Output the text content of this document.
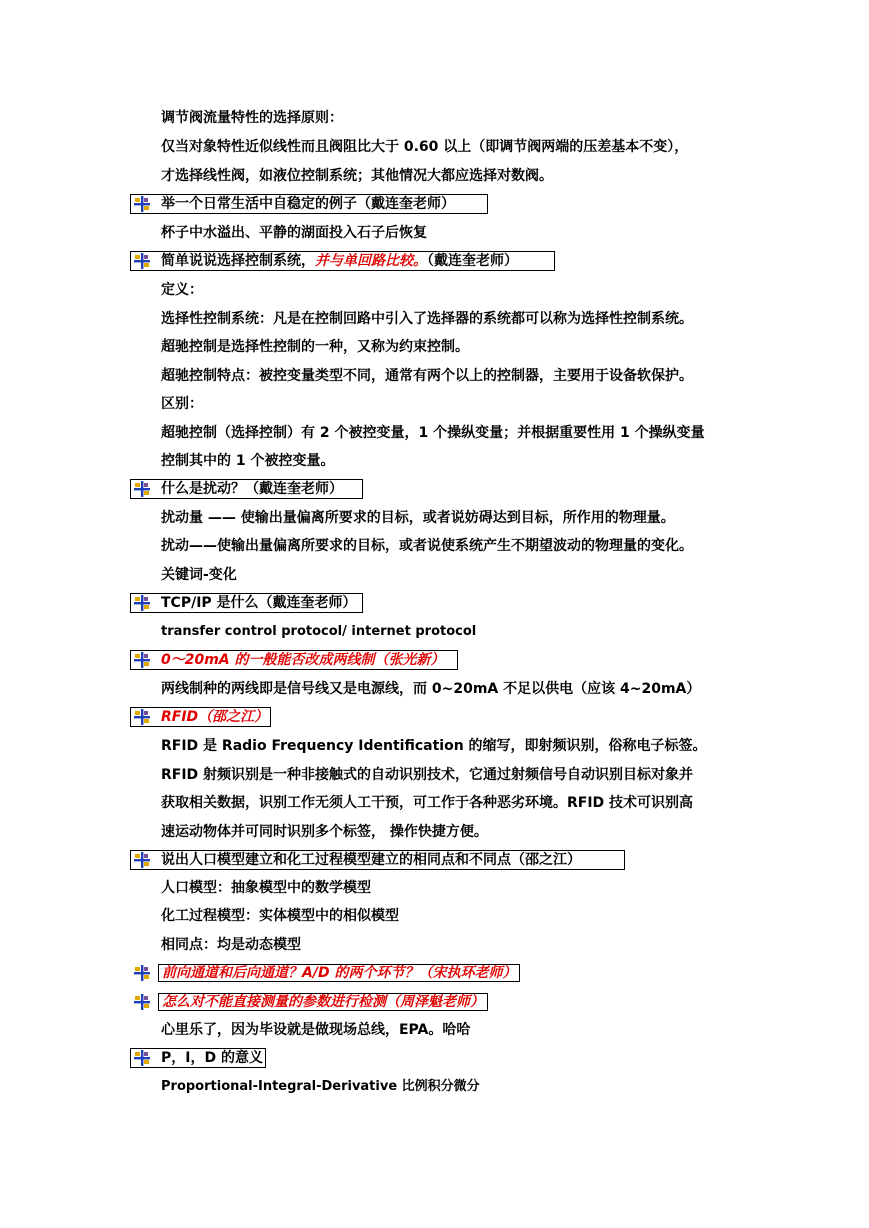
调节阀流量特性的选择原则：
仅当对象特性近似线性而且阀阻比大于 0.60 以上（即调节阀两端的压差基本不变），
才选择线性阀，如液位控制系统；其他情况大都应选择对数阀。
举一个日常生活中自稳定的例子（戴连奎老师）
杯子中水溢出、平静的湖面投入石子后恢复
简单说说选择控制系统，并与单回路比较。（戴连奎老师）
定义：
选择性控制系统：凡是在控制回路中引入了选择器的系统都可以称为选择性控制系统。
超驰控制是选择性控制的一种，又称为约束控制。
超驰控制特点：被控变量类型不同，通常有两个以上的控制器，主要用于设备软保护。
区别：
超驰控制（选择控制）有 2 个被控变量，1 个操纵变量；并根据重要性用 1 个操纵变量
控制其中的 1 个被控变量。
什么是扰动？（戴连奎老师）
扰动量 —— 使输出量偏离所要求的目标，或者说妨碍达到目标，所作用的物理量。
扰动——使输出量偏离所要求的目标，或者说使系统产生不期望波动的物理量的变化。
关键词-变化
TCP/IP 是什么（戴连奎老师）
transfer control protocol/ internet protocol
0～20mA 的一般能否改成两线制（张光新）
两线制种的两线即是信号线又是电源线，而 0~20mA 不足以供电（应该 4~20mA）
RFID（邵之江）
RFID 是 Radio Frequency Identification 的缩写，即射频识别，俗称电子标签。
RFID 射频识别是一种非接触式的自动识别技术，它通过射频信号自动识别目标对象并
获取相关数据，识别工作无须人工干预，可工作于各种恶劣环境。RFID 技术可识别高
速运动物体并可同时识别多个标签， 操作快捷方便。
说出人口模型建立和化工过程模型建立的相同点和不同点（邵之江）
人口模型：抽象模型中的数学模型
化工过程模型：实体模型中的相似模型
相同点：均是动态模型
前向通道和后向通道？A/D 的两个环节？（宋执环老师）
怎么对不能直接测量的参数进行检测（周泽魁老师）
心里乐了，因为毕设就是做现场总线，EPA。哈哈
P，I，D 的意义
Proportional-Integral-Derivative 比例积分微分
